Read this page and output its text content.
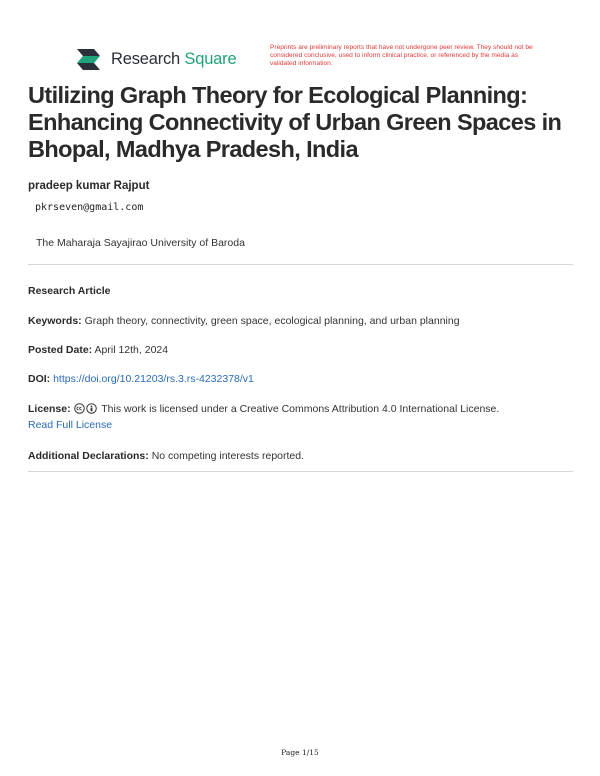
Research Square
Preprints are preliminary reports that have not undergone peer review. They should not be considered conclusive, used to inform clinical practice, or referenced by the media as validated information.
Utilizing Graph Theory for Ecological Planning: Enhancing Connectivity of Urban Green Spaces in Bhopal, Madhya Pradesh, India
pradeep kumar Rajput
pkrseven@gmail.com
The Maharaja Sayajirao University of Baroda
Research Article
Keywords: Graph theory, connectivity, green space, ecological planning, and urban planning
Posted Date: April 12th, 2024
DOI: https://doi.org/10.21203/rs.3.rs-4232378/v1
License:	This work is licensed under a Creative Commons Attribution 4.0 International License.
Read Full License
Additional Declarations: No competing interests reported.
Page 1/15
